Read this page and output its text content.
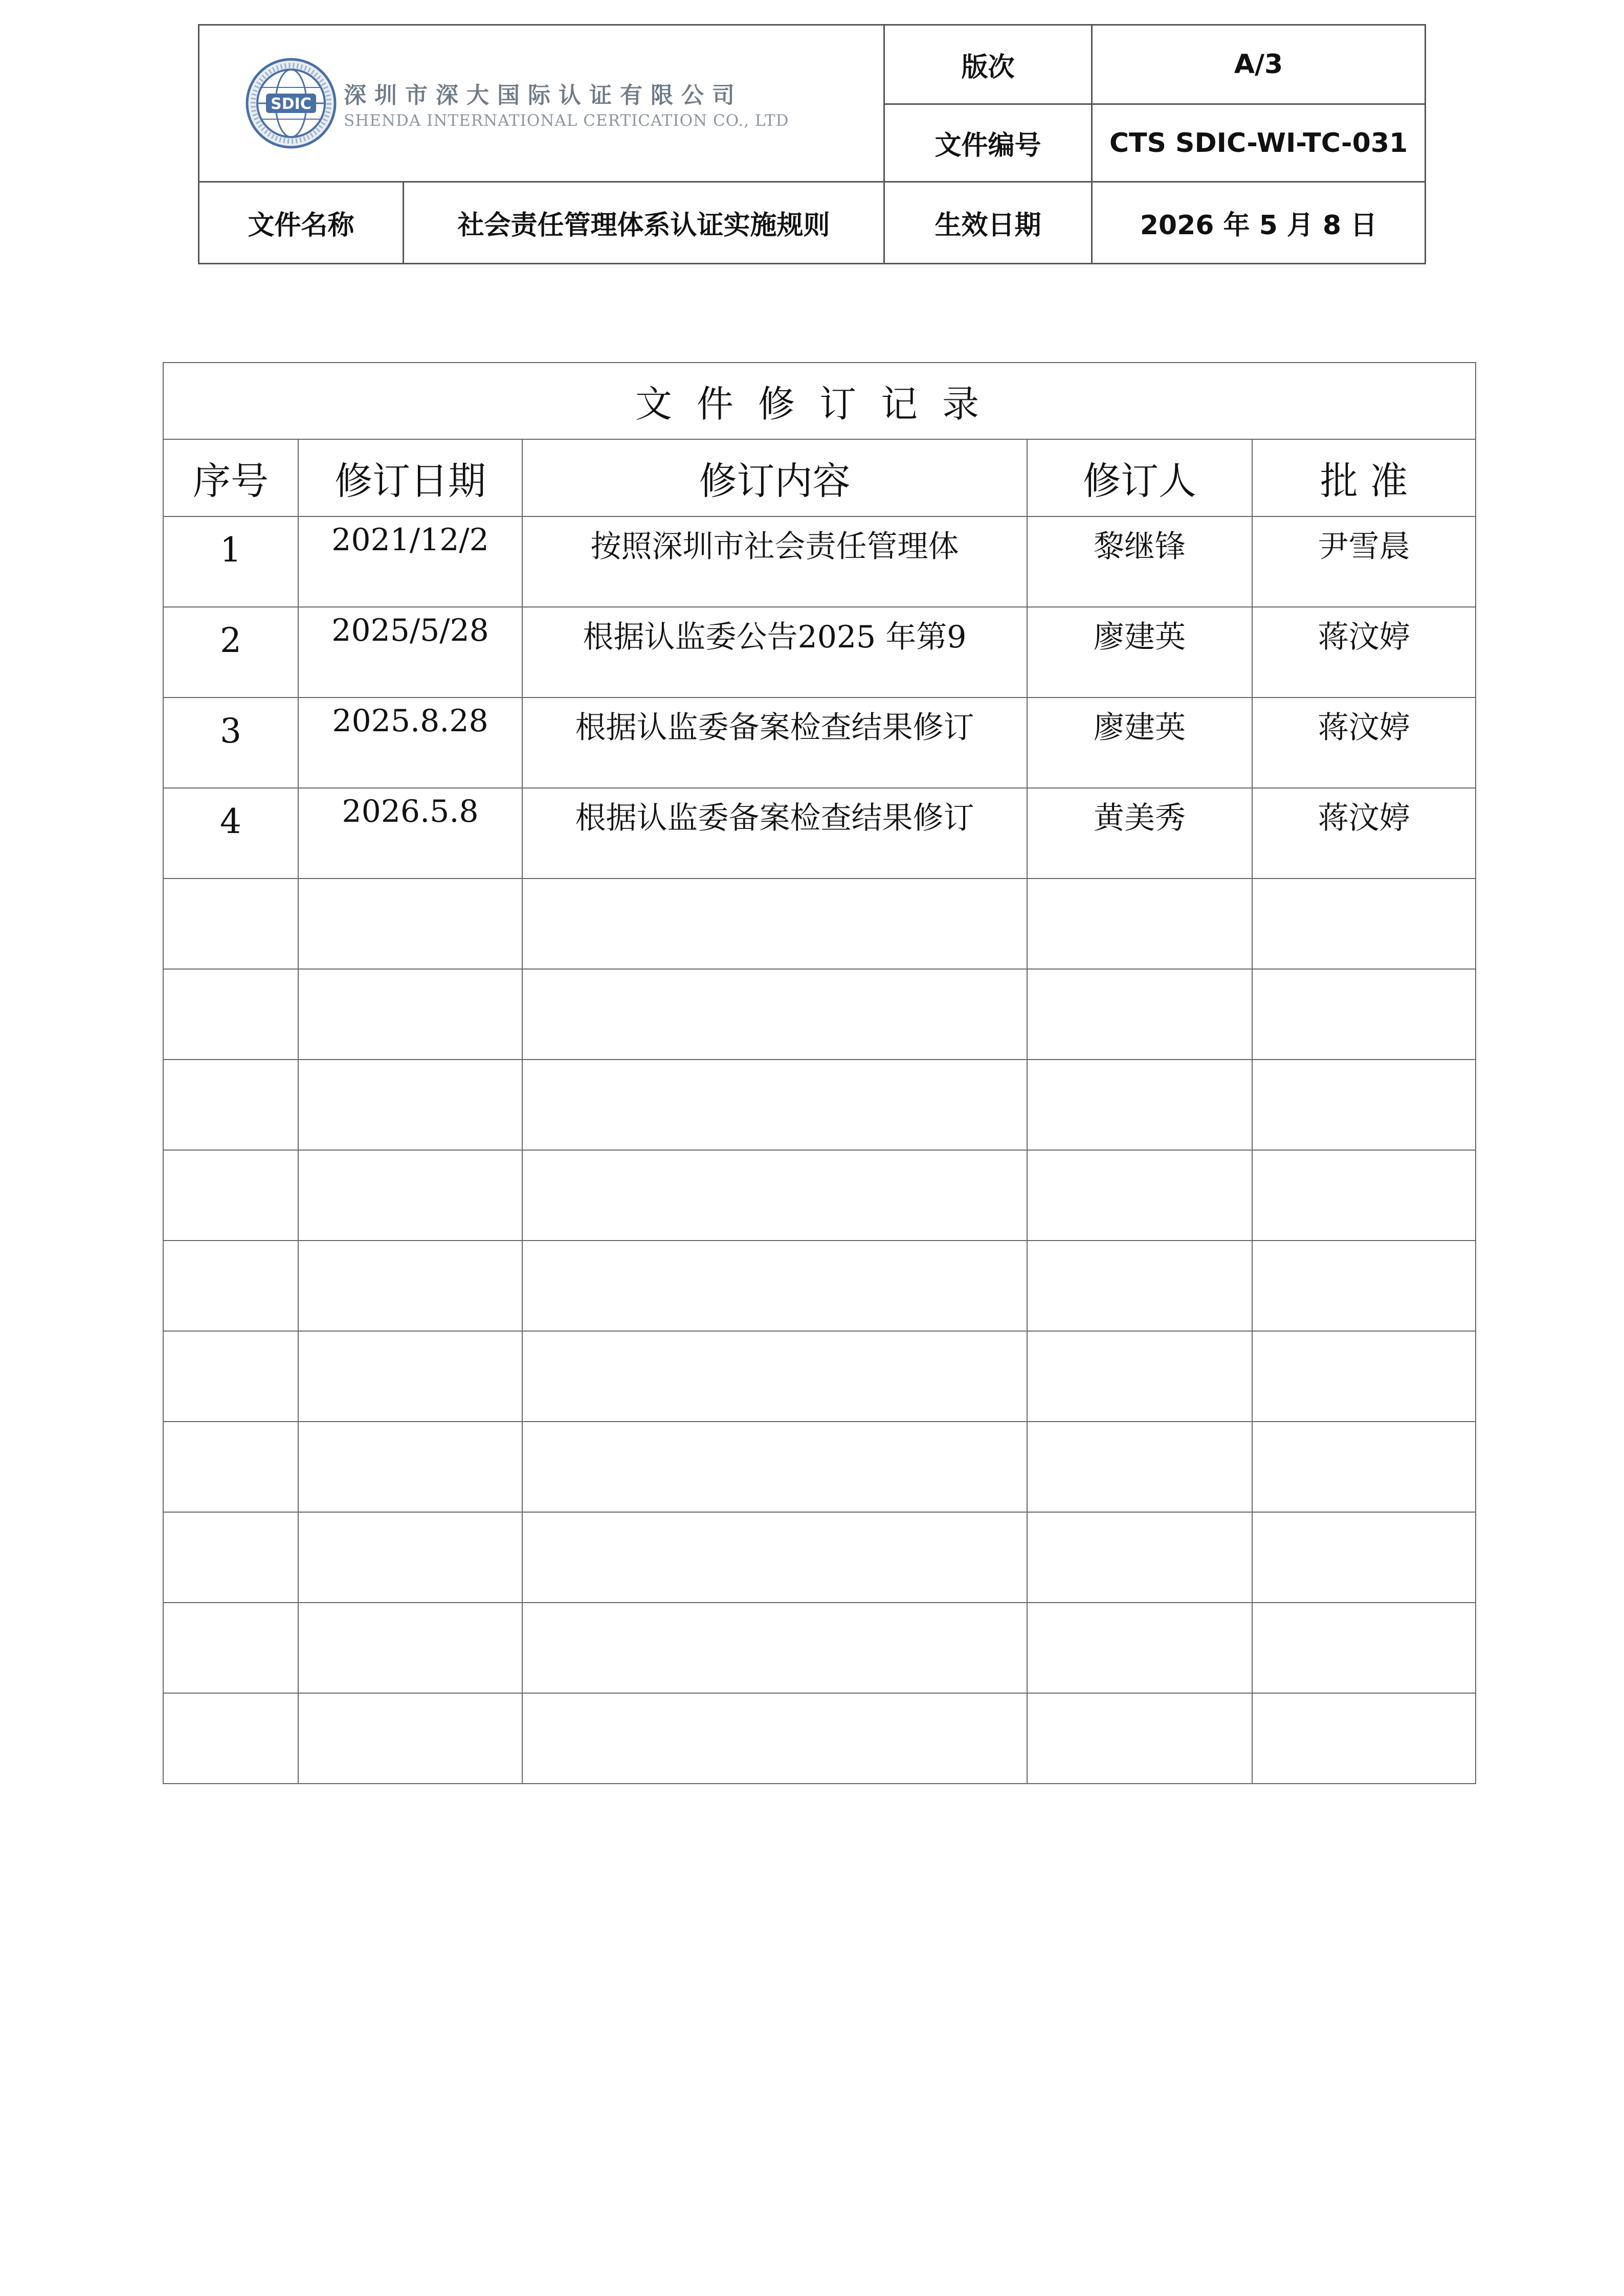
SDIC 深圳市深大国际认证有限公司
SHENDA INTERNATIONAL CERTICATION CO., LTD		版次	A/3
		文件编号	CTS SDIC-WI-TC-031
文件名称	社会责任管理体系认证实施规则	生效日期	2026 年 5 月 8 日
文件修订记录				
序号	修订日期	修订内容	修订人	批 准
1	2021/12/2	按照深圳市社会责任管理体	黎继锋	尹雪晨
2	2025/5/28	根据认监委公告2025 年第9	廖建英	蒋汶婷
3	2025.8.28	根据认监委备案检查结果修订	廖建英	蒋汶婷
4	2026.5.8	根据认监委备案检查结果修订	黄美秀	蒋汶婷
